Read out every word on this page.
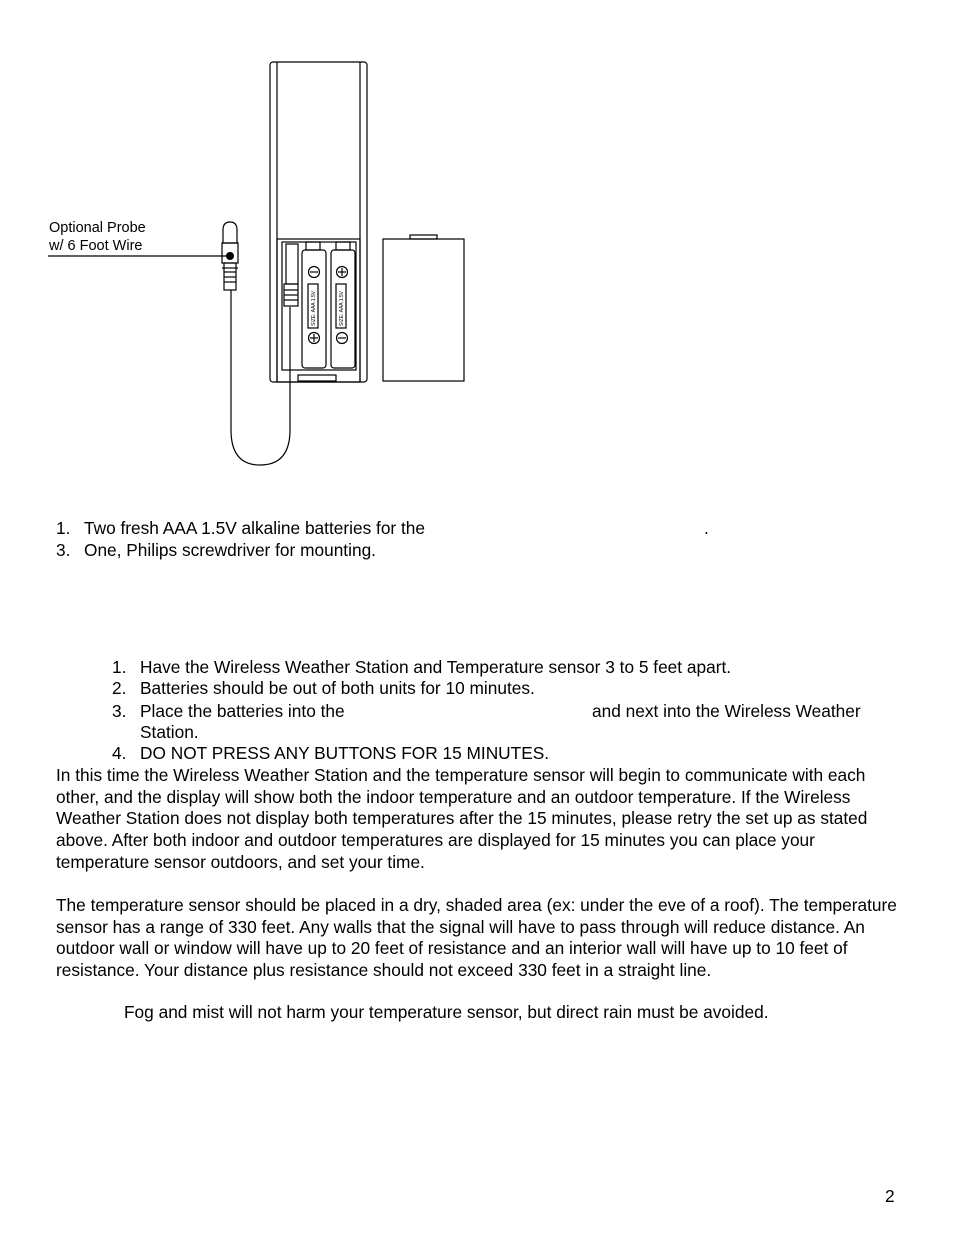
SIZE: AAA 1.5V	SIZE: AAA 1.5V
Optional Probe
w/ 6 Foot Wire
1. Two fresh AAA 1.5V alkaline batteries for the	.
3. One, Philips screwdriver for mounting.
1. Have the Wireless Weather Station and Temperature sensor 3 to 5 feet apart.
2. Batteries should be out of both units for 10 minutes.
3. Place the batteries into the	and next into the Wireless Weather
Station.
4. DO NOT PRESS ANY BUTTONS FOR 15 MINUTES.

In this time the Wireless Weather Station and the temperature sensor will begin to communicate with each other, and the display will show both the indoor temperature and an outdoor temperature. If the Wireless Weather Station does not display both temperatures after the 15 minutes, please retry the set up as stated above. After both indoor and outdoor temperatures are displayed for 15 minutes you can place your temperature sensor outdoors, and set your time.

The temperature sensor should be placed in a dry, shaded area (ex: under the eve of a roof). The temperature sensor has a range of 330 feet. Any walls that the signal will have to pass through will reduce distance. An outdoor wall or window will have up to 20 feet of resistance and an interior wall will have up to 10 feet of resistance. Your distance plus resistance should not exceed 330 feet in a straight line.

Fog and mist will not harm your temperature sensor, but direct rain must be avoided.

2
